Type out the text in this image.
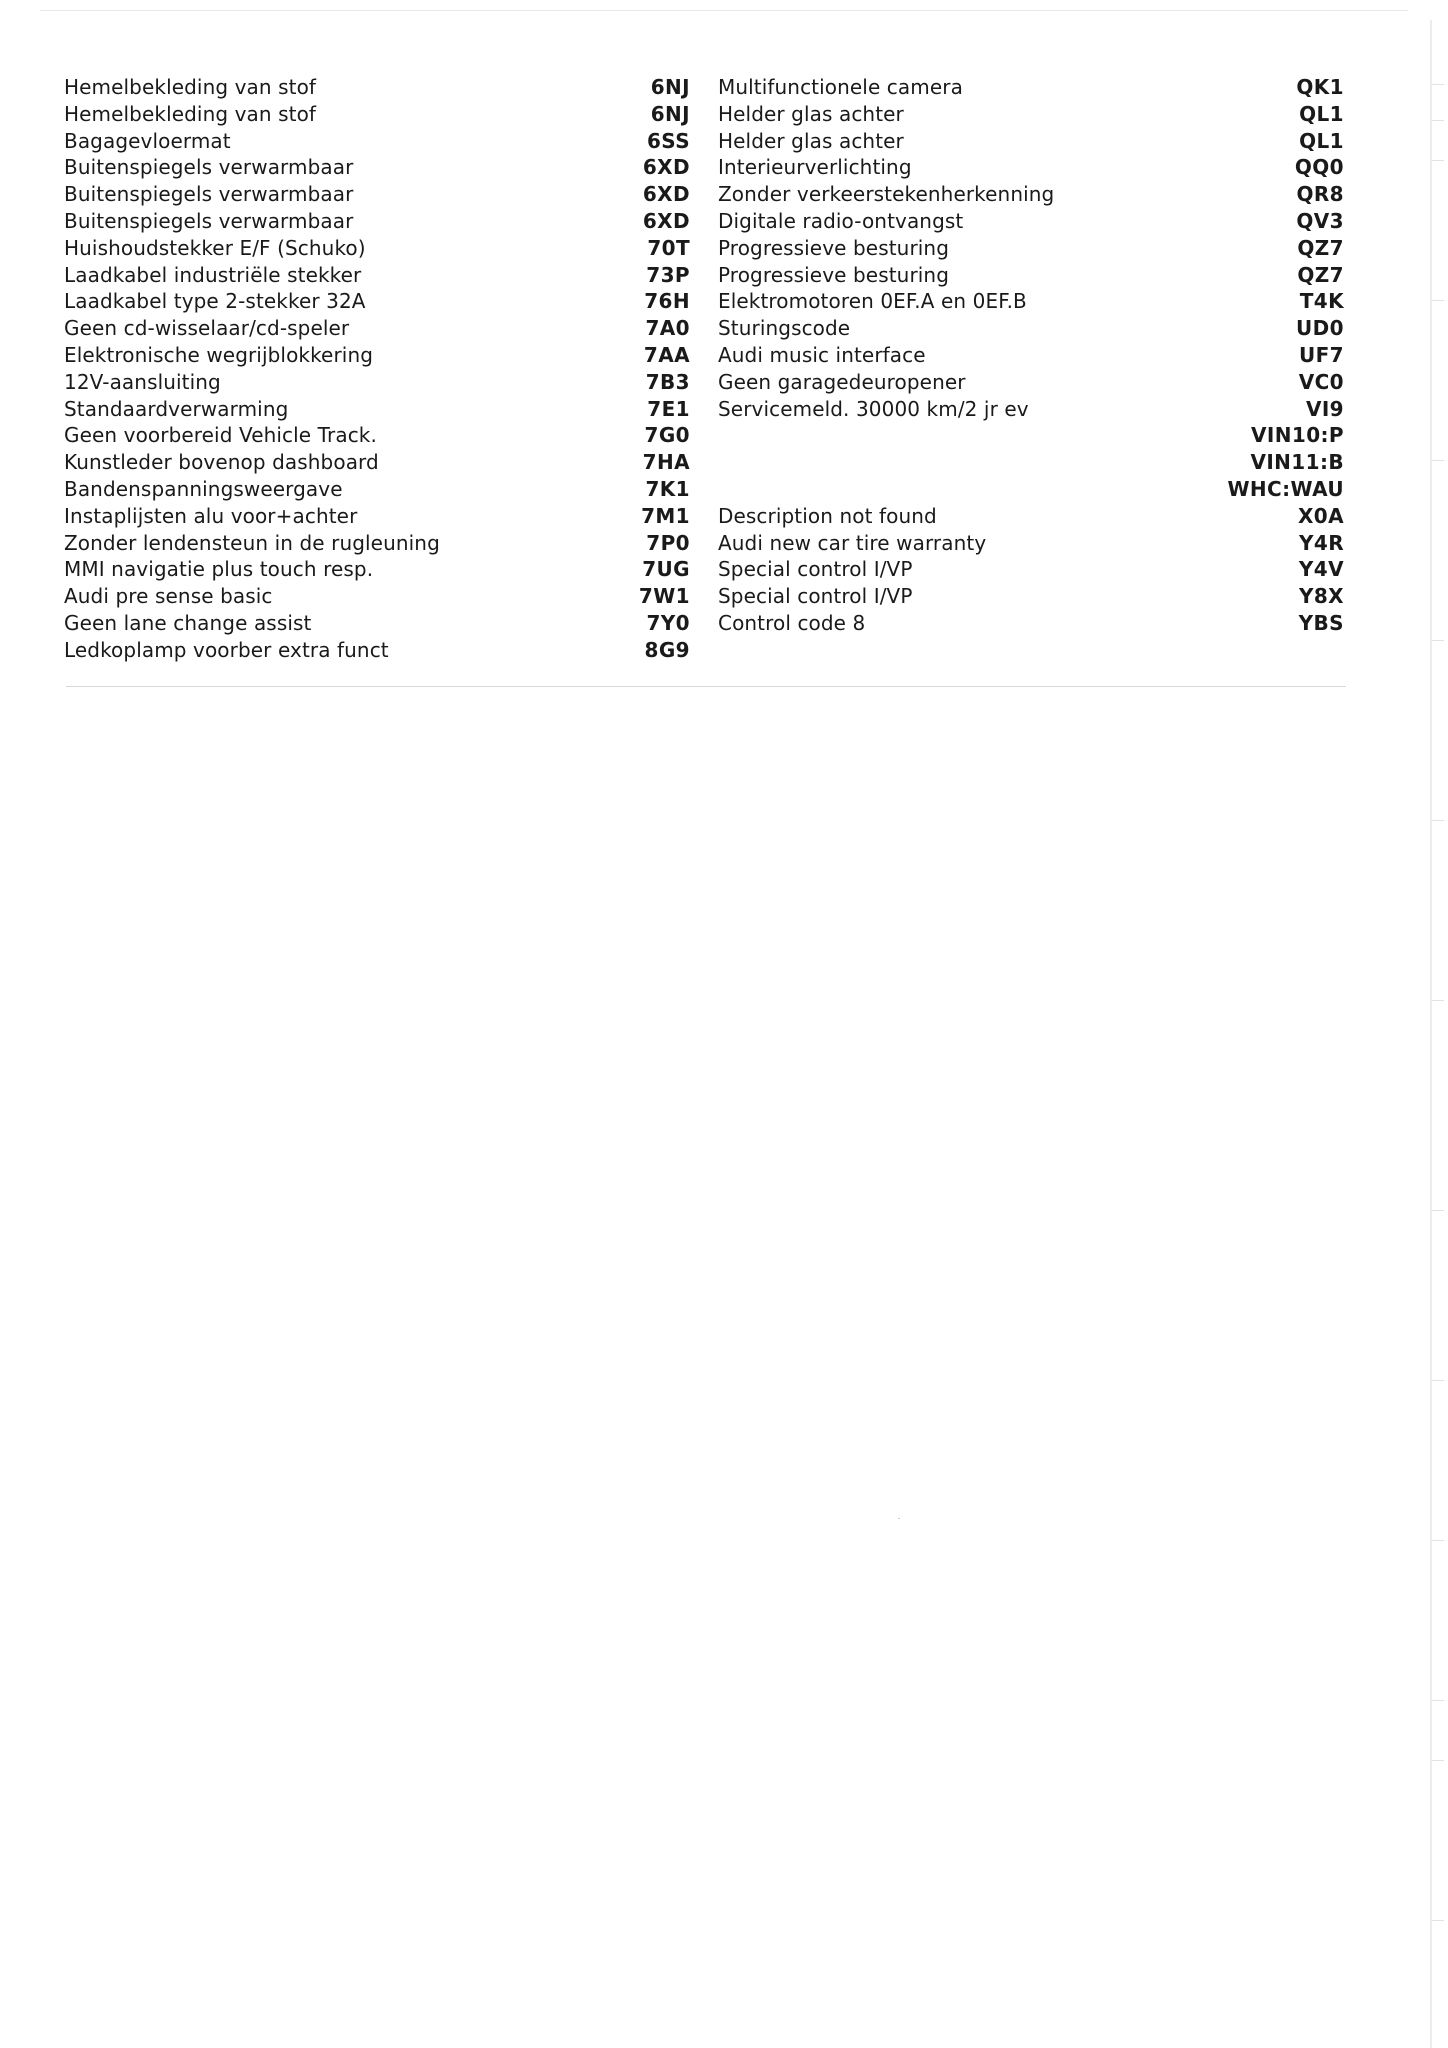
Hemelbekleding van stof	6NJ
Hemelbekleding van stof	6NJ
Bagagevloermat	6SS
Buitenspiegels verwarmbaar	6XD
Buitenspiegels verwarmbaar	6XD
Buitenspiegels verwarmbaar	6XD
Huishoudstekker E/F (Schuko)	70T
Laadkabel industriële stekker	73P
Laadkabel type 2-stekker 32A	76H
Geen cd-wisselaar/cd-speler	7A0
Elektronische wegrijblokkering	7AA
12V-aansluiting	7B3
Standaardverwarming	7E1
Geen voorbereid Vehicle Track.	7G0
Kunstleder bovenop dashboard	7HA
Bandenspanningsweergave	7K1
Instaplijsten alu voor+achter	7M1
Zonder lendensteun in de rugleuning	7P0
MMI navigatie plus touch resp.	7UG
Audi pre sense basic	7W1
Geen lane change assist	7Y0
Ledkoplamp voorber extra funct	8G9
Multifunctionele camera	QK1
Helder glas achter	QL1
Helder glas achter	QL1
Interieurverlichting	QQ0
Zonder verkeerstekenherkenning	QR8
Digitale radio-ontvangst	QV3
Progressieve besturing	QZ7
Progressieve besturing	QZ7
Elektromotoren 0EF.A en 0EF.B	T4K
Sturingscode	UD0
Audi music interface	UF7
Geen garagedeuropener	VC0
Servicemeld. 30000 km/2 jr ev	VI9
VIN10:P
VIN11:B
WHC:WAU
Description not found	X0A
Audi new car tire warranty	Y4R
Special control I/VP	Y4V
Special control I/VP	Y8X
Control code 8	YBS
